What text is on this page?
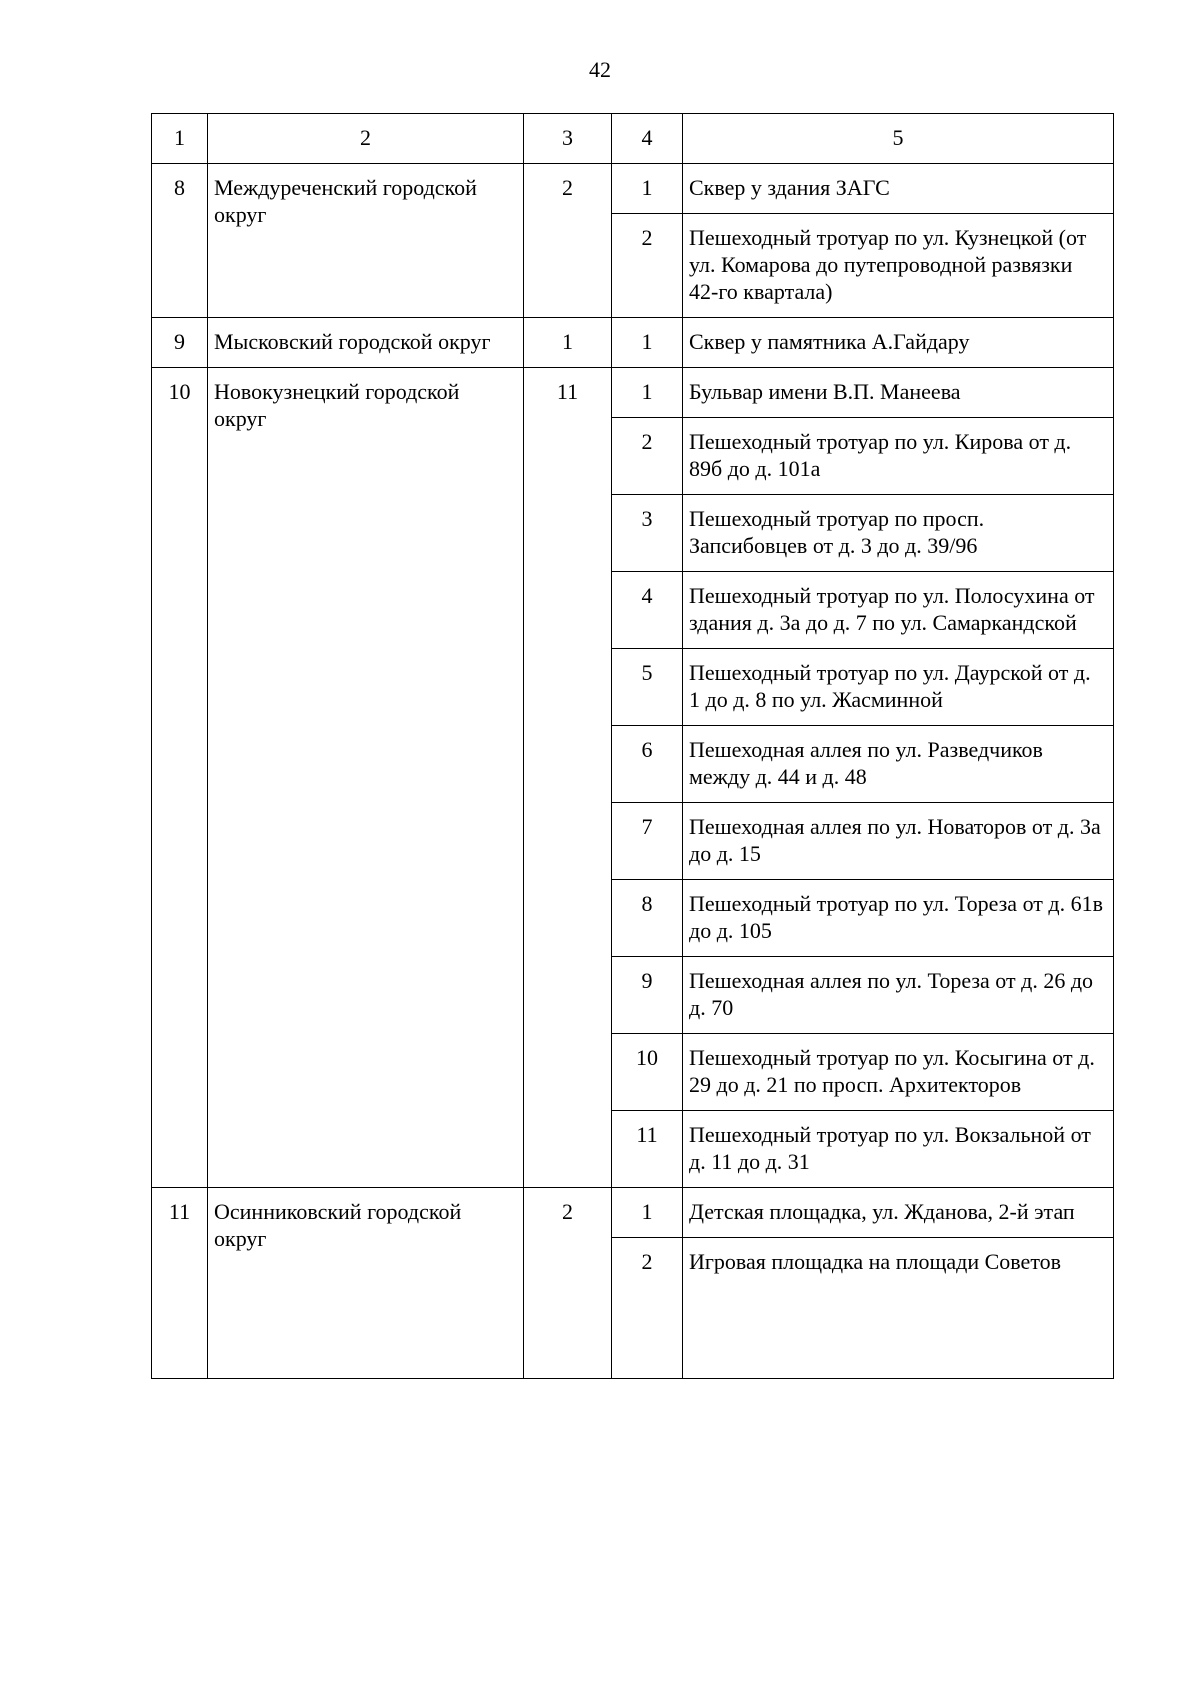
42
1	2	3	4	5
8	Междуреченский городской округ	2	1	Сквер у здания ЗАГС
			2	Пешеходный тротуар по ул. Кузнецкой (от ул. Комарова до путепроводной развязки 42-го квартала)
9	Мысковский городской округ	1	1	Сквер у памятника А.Гайдару
10	Новокузнецкий городской округ	11	1	Бульвар имени В.П. Манеева
			2	Пешеходный тротуар по ул. Кирова от д. 89б до д. 101а
			3	Пешеходный тротуар по просп. Запсибовцев от д. 3 до д. 39/96
			4	Пешеходный тротуар по ул. Полосухина от здания д. 3а до д. 7 по ул. Самаркандской
			5	Пешеходный тротуар по ул. Даурской от д. 1 до д. 8 по ул. Жасминной
			6	Пешеходная аллея по ул. Разведчиков между д. 44 и д. 48
			7	Пешеходная аллея по ул. Новаторов от д. 3а до д. 15
			8	Пешеходный тротуар по ул. Тореза от д. 61в до д. 105
			9	Пешеходная аллея по ул. Тореза от д. 26 до д. 70
			10	Пешеходный тротуар по ул. Косыгина от д. 29 до д. 21 по просп. Архитекторов
			11	Пешеходный тротуар по ул. Вокзальной от д. 11 до д. 31
11	Осинниковский городской округ	2	1	Детская площадка, ул. Жданова, 2-й этап
			2	Игровая площадка на площади Советов
